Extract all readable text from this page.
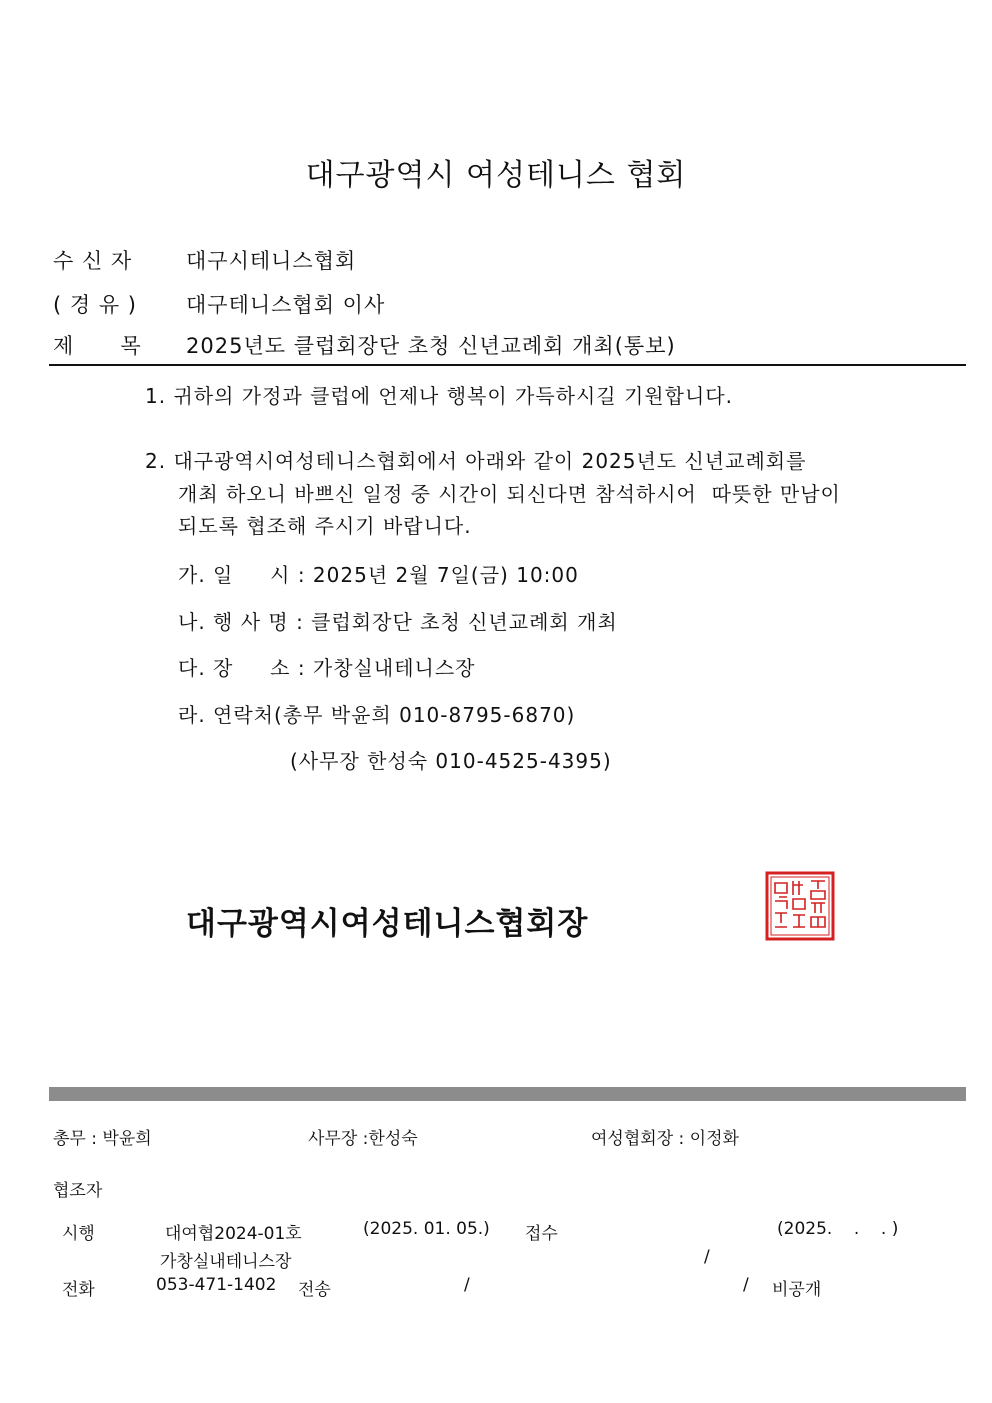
대구광역시 여성테니스 협회
수 신 자	대구시테니스협회
( 경 유 ) 대구테니스협회 이사
제      목 2025년도 클럽회장단 초청 신년교례회 개최(통보)
1. 귀하의 가정과 클럽에 언제나 행복이 가득하시길 기원합니다.
2. 대구광역시여성테니스협회에서 아래와 같이 2025년도 신년교례회를
개최 하오니 바쁘신 일정 중 시간이 되신다면 참석하시어  따뜻한 만남이
되도록 협조해 주시기 바랍니다.
가. 일     시 : 2025년 2월 7일(금) 10:00
나. 행 사 명 : 클럽회장단 초청 신년교례회 개최
다. 장     소 : 가창실내테니스장
라. 연락처(총무 박윤희 010-8795-6870)
(사무장 한성숙 010-4525-4395)
대구광역시여성테니스협회장
총무 : 박윤희	사무장 :한성숙	여성협회장 : 이정화
협조자
시행	대여협2024-01호	(2025. 01. 05.) 접수	(2025.    .    . )
가창실내테니스장	/
전화	053-471-1402 전송	/	/ 비공개
